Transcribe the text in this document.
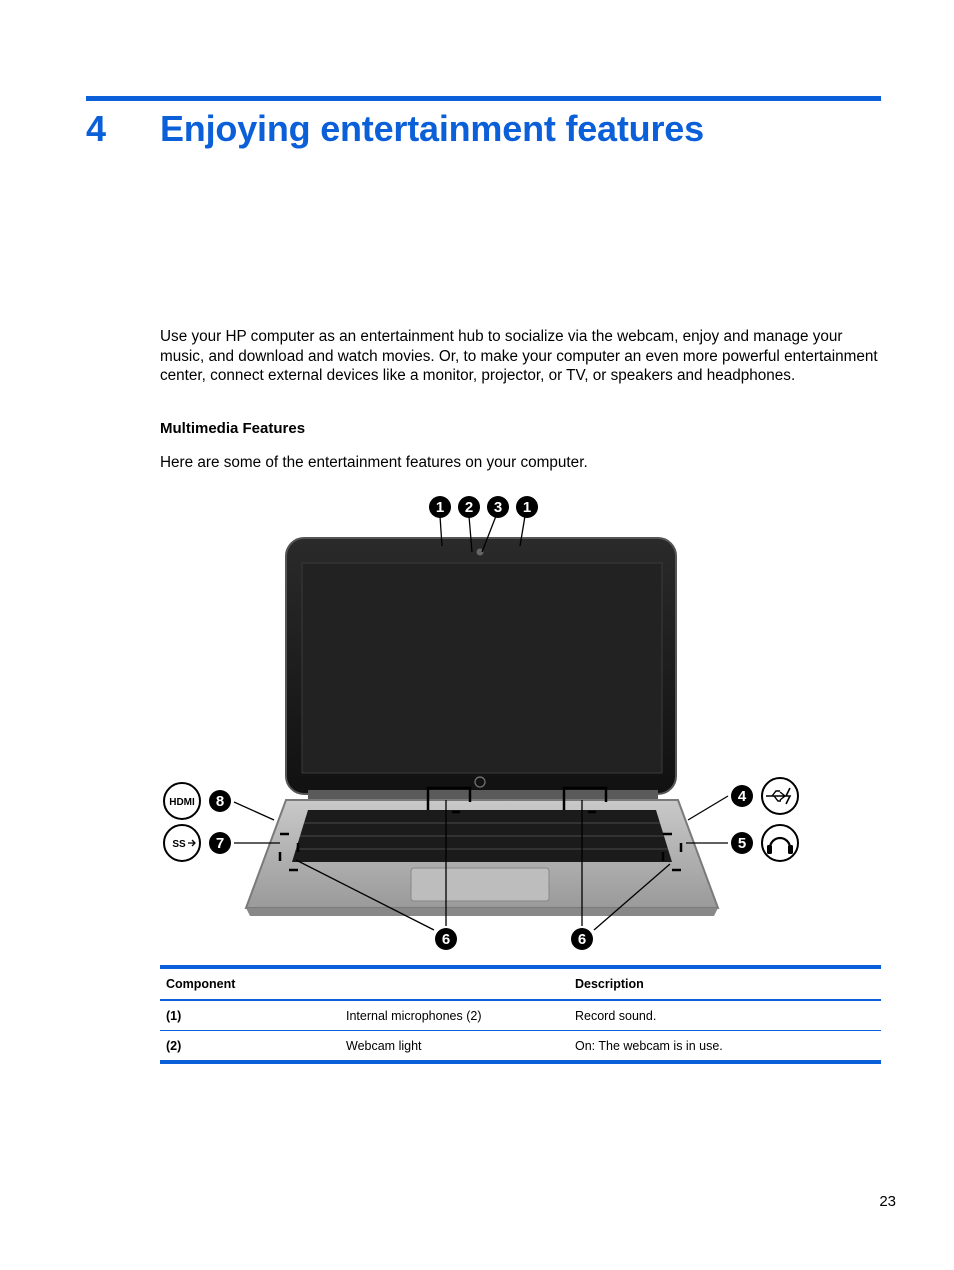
4	Enjoying entertainment features

Use your HP computer as an entertainment hub to socialize via the webcam, enjoy and manage your music, and download and watch movies. Or, to make your computer an even more powerful entertainment center, connect external devices like a monitor, projector, or TV, or speakers and headphones.

Multimedia Features

Here are some of the entertainment features on your computer.

1 2 3 1
HDMI 8
SS 7
4
5
6	6
Component		Description
(1)	Internal microphones (2)	Record sound.
(2)	Webcam light	On: The webcam is in use.
23
